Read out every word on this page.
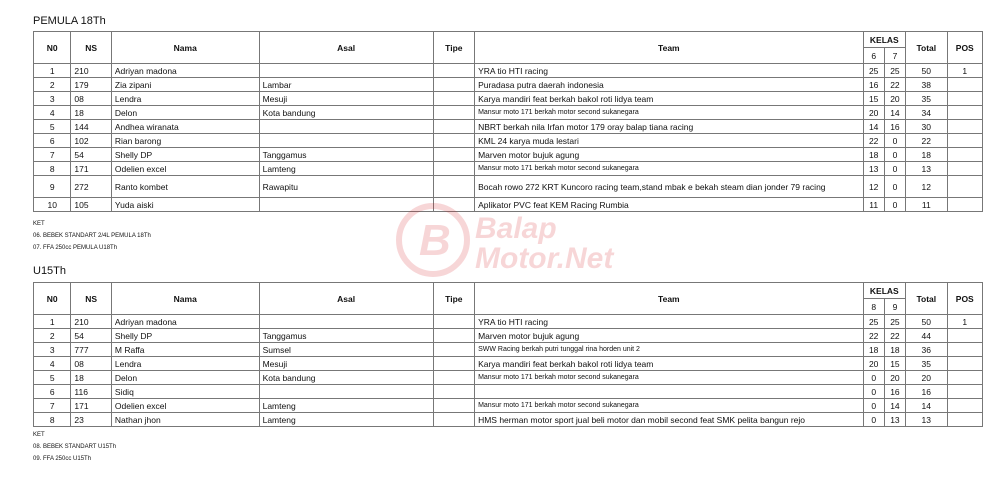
PEMULA 18Th
N0	NS	Nama	Asal	Tipe	Team	KELAS		Total	POS
						6	7		
1	210	Adriyan madona			YRA tio HTI racing	25	25	50	1
2	179	Zia zipani	Lambar		Puradasa putra daerah indonesia	16	22	38	
3	08	Lendra	Mesuji		Karya mandiri feat berkah bakol roti lidya team	15	20	35	
4	18	Delon	Kota bandung		Mansur moto 171 berkah motor second sukanegara	20	14	34	
5	144	Andhea wiranata			NBRT berkah nila Irfan motor 179 oray balap tiana racing	14	16	30	
6	102	Rian barong			KML 24 karya muda lestari	22	0	22	
7	54	Shelly DP	Tanggamus		Marven motor bujuk agung	18	0	18	
8	171	Odelien excel	Lamteng		Mansur moto 171 berkah motor second sukanegara	13	0	13	
9	272	Ranto kombet	Rawapitu		Bocah rowo 272 KRT Kuncoro racing team,stand mbak e bekah steam dian jonder 79 racing	12	0	12	
10	105	Yuda aiski			Aplikator PVC feat KEM Racing Rumbia	11	0	11	
KET
06. BEBEK STANDART 2/4L PEMULA 18Th
07. FFA 250cc PEMULA U18Th	B Balap
Motor.Net
U15Th
N0	NS	Nama	Asal	Tipe	Team	KELAS		Total	POS
						8	9		
1	210	Adriyan madona			YRA tio HTI racing	25	25	50	1
2	54	Shelly DP	Tanggamus		Marven motor bujuk agung	22	22	44	
3	777	M Raffa	Sumsel		SWW Racing berkah putri tunggal rina horden unit 2	18	18	36	
4	08	Lendra	Mesuji		Karya mandiri feat berkah bakol roti lidya team	20	15	35	
5	18	Delon	Kota bandung		Mansur moto 171 berkah motor second sukanegara	0	20	20	
6	116	Sidiq				0	16	16	
7	171	Odelien excel	Lamteng		Mansur moto 171 berkah motor second sukanegara	0	14	14	
8	23	Nathan jhon	Lamteng		HMS herman motor sport jual beli motor dan mobil second feat SMK pelita bangun rejo	0	13	13	
KET
08. BEBEK STANDART U15Th
09. FFA 250cc U15Th
